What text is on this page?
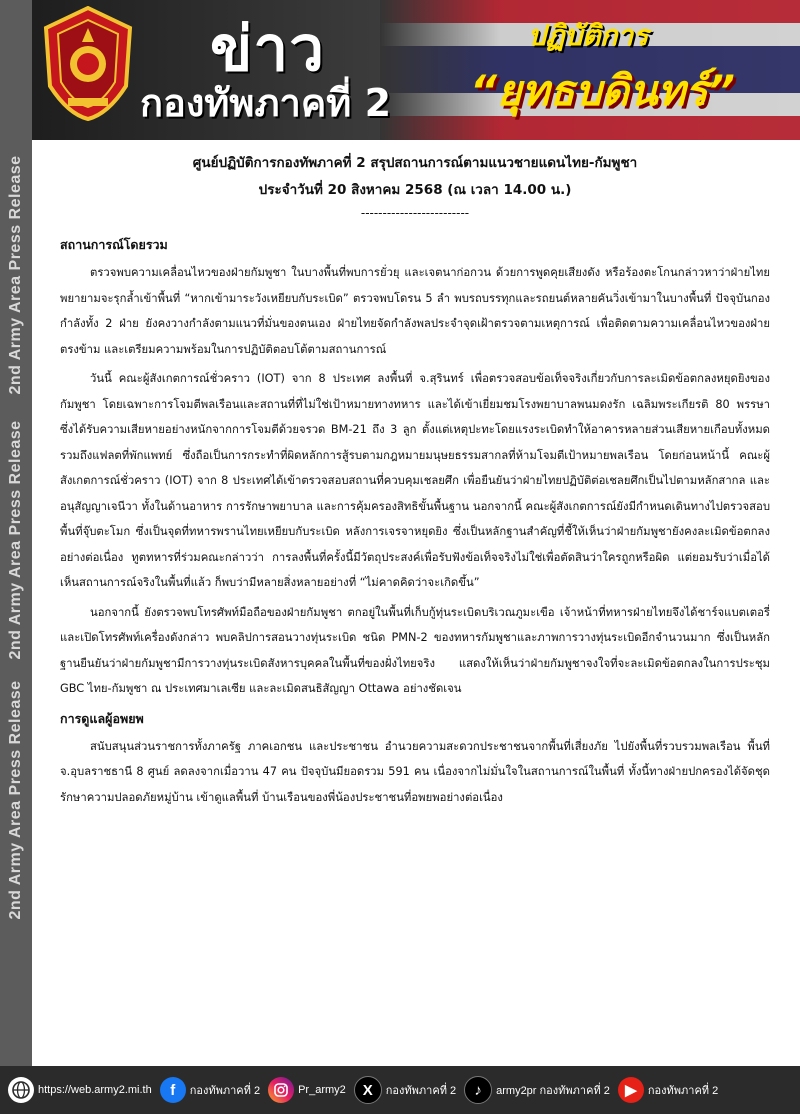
ข่าว
กองทัพภาคที่ 2
ปฏิบัติการ
“ยุทธบดินทร์”
2nd Army Area Press Release
2nd Army Area Press Release
2nd Army Area Press Release

ศูนย์ปฏิบัติการกองทัพภาคที่ 2 สรุปสถานการณ์ตามแนวชายแดนไทย-กัมพูชา

ประจำวันที่ 20 สิงหาคม 2568 (ณ เวลา 14.00 น.)

-------------------------
สถานการณ์โดยรวม

ตรวจพบความเคลื่อนไหวของฝ่ายกัมพูชา ในบางพื้นที่พบการยั่วยุ และเจตนาก่อกวน ด้วยการพูดคุยเสียงดัง หรือร้องตะโกนกล่าวหาว่าฝ่ายไทยพยายามจะรุกล้ำเข้าพื้นที่ “หากเข้ามาระวังเหยียบกับระเบิด” ตรวจพบโดรน 5 ลำ พบรถบรรทุกและรถยนต์หลายคันวิ่งเข้ามาในบางพื้นที่ ปัจจุบันกองกำลังทั้ง 2 ฝ่าย ยังคงวางกำลังตามแนวที่มั่นของตนเอง ฝ่ายไทยจัดกำลังพลประจำจุดเฝ้าตรวจตามเหตุการณ์ เพื่อติดตามความเคลื่อนไหวของฝ่ายตรงข้าม และเตรียมความพร้อมในการปฏิบัติตอบโต้ตามสถานการณ์

วันนี้ คณะผู้สังเกตการณ์ชั่วคราว (IOT) จาก 8 ประเทศ ลงพื้นที่ จ.สุรินทร์ เพื่อตรวจสอบข้อเท็จจริงเกี่ยวกับการละเมิดข้อตกลงหยุดยิงของกัมพูชา โดยเฉพาะการโจมตีพลเรือนและสถานที่ที่ไม่ใช่เป้าหมายทางทหาร และได้เข้าเยี่ยมชมโรงพยาบาลพนมดงรัก เฉลิมพระเกียรติ 80 พรรษา ซึ่งได้รับความเสียหายอย่างหนักจากการโจมตีด้วยจรวด BM-21 ถึง 3 ลูก ตั้งแต่เหตุปะทะโดยแรงระเบิดทำให้อาคารหลายส่วนเสียหายเกือบทั้งหมด รวมถึงแฟลตที่พักแพทย์ ซึ่งถือเป็นการกระทำที่ผิดหลักการสู้รบตามกฎหมายมนุษยธรรมสากลที่ห้ามโจมตีเป้าหมายพลเรือน โดยก่อนหน้านี้ คณะผู้สังเกตการณ์ชั่วคราว (IOT) จาก 8 ประเทศได้เข้าตรวจสอบสถานที่ควบคุมเชลยศึก เพื่อยืนยันว่าฝ่ายไทยปฏิบัติต่อเชลยศึกเป็นไปตามหลักสากล และอนุสัญญาเจนีวา ทั้งในด้านอาหาร การรักษาพยาบาล และการคุ้มครองสิทธิขั้นพื้นฐาน นอกจากนี้ คณะผู้สังเกตการณ์ยังมีกำหนดเดินทางไปตรวจสอบพื้นที่จุ๊บตะโมก ซึ่งเป็นจุดที่ทหารพรานไทยเหยียบกับระเบิด หลังการเจรจาหยุดยิง ซึ่งเป็นหลักฐานสำคัญที่ชี้ให้เห็นว่าฝ่ายกัมพูชายังคงละเมิดข้อตกลงอย่างต่อเนื่อง ทูตทหารที่ร่วมคณะกล่าวว่า การลงพื้นที่ครั้งนี้มีวัตถุประสงค์เพื่อรับฟังข้อเท็จจริงไม่ใช่เพื่อตัดสินว่าใครถูกหรือผิด แต่ยอมรับว่าเมื่อได้เห็นสถานการณ์จริงในพื้นที่แล้ว ก็พบว่ามีหลายสิ่งหลายอย่างที่ “ไม่คาดคิดว่าจะเกิดขึ้น”

นอกจากนี้ ยังตรวจพบโทรศัพท์มือถือของฝ่ายกัมพูชา ตกอยู่ในพื้นที่เก็บกู้ทุ่นระเบิดบริเวณภูมะเขือ เจ้าหน้าที่ทหารฝ่ายไทยจึงได้ชาร์จแบตเตอรี่ และเปิดโทรศัพท์เครื่องดังกล่าว พบคลิปการสอนวางทุ่นระเบิด ชนิด PMN-2 ของทหารกัมพูชาและภาพการวางทุ่นระเบิดอีกจำนวนมาก ซึ่งเป็นหลักฐานยืนยันว่าฝ่ายกัมพูชามีการวางทุ่นระเบิดสังหารบุคคลในพื้นที่ของฝั่งไทยจริง แสดงให้เห็นว่าฝ่ายกัมพูชาจงใจที่จะละเมิดข้อตกลงในการประชุม GBC ไทย-กัมพูชา ณ ประเทศมาเลเซีย และละเมิดสนธิสัญญา Ottawa อย่างชัดเจน

การดูแลผู้อพยพ

สนับสนุนส่วนราชการทั้งภาครัฐ ภาคเอกชน และประชาชน อำนวยความสะดวกประชาชนจากพื้นที่เสี่ยงภัย ไปยังพื้นที่รวบรวมพลเรือน พื้นที่ จ.อุบลราชธานี 8 ศูนย์ ลดลงจากเมื่อวาน 47 คน ปัจจุบันมียอดรวม 591 คน เนื่องจากไม่มั่นใจในสถานการณ์ในพื้นที่ ทั้งนี้ทางฝ่ายปกครองได้จัดชุดรักษาความปลอดภัยหมู่บ้าน เข้าดูแลพื้นที่ บ้านเรือนของพี่น้องประชาชนที่อพยพอย่างต่อเนื่อง

https://web.army2.mi.th	f	กองทัพภาคที่ 2	Pr_army2	X	กองทัพภาคที่ 2	♪	army2pr กองทัพภาคที่ 2	▶	กองทัพภาคที่ 2
